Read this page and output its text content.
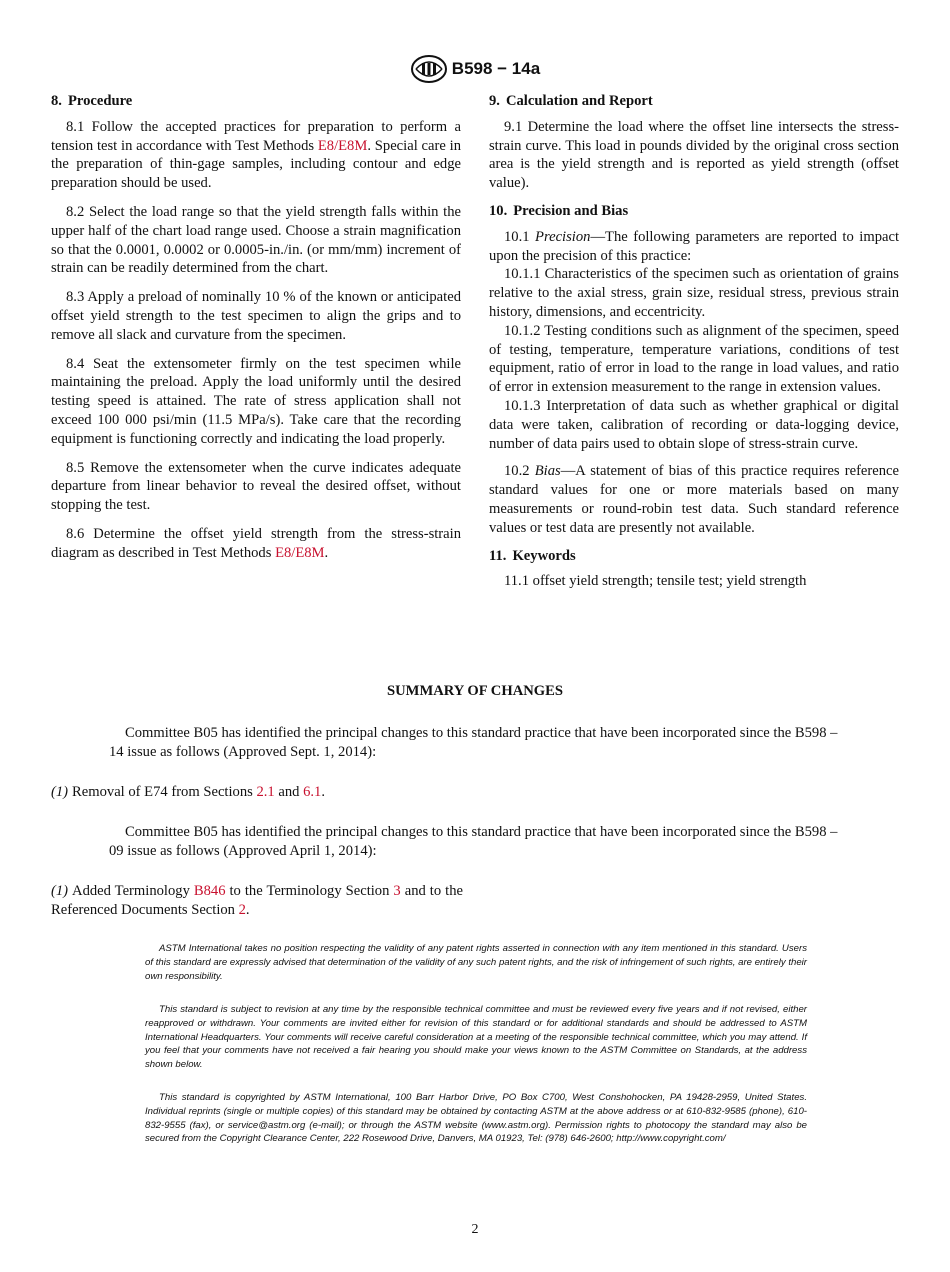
B598 − 14a
8. Procedure

8.1 Follow the accepted practices for preparation to perform a tension test in accordance with Test Methods E8/E8M. Special care in the preparation of thin-gage samples, including contour and edge preparation should be used.

8.2 Select the load range so that the yield strength falls within the upper half of the chart load range used. Choose a strain magnification so that the 0.0001, 0.0002 or 0.0005-in./in. (or mm/mm) increment of strain can be readily determined from the chart.

8.3 Apply a preload of nominally 10 % of the known or anticipated offset yield strength to the test specimen to align the grips and to remove all slack and curvature from the specimen.

8.4 Seat the extensometer firmly on the test specimen while maintaining the preload. Apply the load uniformly until the desired testing speed is attained. The rate of stress application shall not exceed 100 000 psi/min (11.5 MPa/s). Take care that the recording equipment is functioning correctly and indicating the load properly.

8.5 Remove the extensometer when the curve indicates adequate departure from linear behavior to reveal the desired offset, without stopping the test.

8.6 Determine the offset yield strength from the stress-strain diagram as described in Test Methods E8/E8M.

9. Calculation and Report

9.1 Determine the load where the offset line intersects the stress-strain curve. This load in pounds divided by the original cross section area is the yield strength and is reported as yield strength (offset value).

10. Precision and Bias

10.1 Precision—The following parameters are reported to impact upon the precision of this practice:

10.1.1 Characteristics of the specimen such as orientation of grains relative to the axial stress, grain size, residual stress, previous strain history, dimensions, and eccentricity.

10.1.2 Testing conditions such as alignment of the specimen, speed of testing, temperature, temperature variations, conditions of test equipment, ratio of error in load to the range in load values, and ratio of error in extension measurement to the range in extension values.

10.1.3 Interpretation of data such as whether graphical or digital data were taken, calibration of recording or data-logging device, number of data pairs used to obtain slope of stress-strain curve.

10.2 Bias—A statement of bias of this practice requires reference standard values for one or more materials based on many measurements or round-robin test data. Such standard reference values or test data are presently not available.

11. Keywords

11.1 offset yield strength; tensile test; yield strength

SUMMARY OF CHANGES
Committee B05 has identified the principal changes to this standard practice that have been incorporated since the B598 – 14 issue as follows (Approved Sept. 1, 2014):
(1) Removal of E74 from Sections 2.1 and 6.1.
Committee B05 has identified the principal changes to this standard practice that have been incorporated since the B598 – 09 issue as follows (Approved April 1, 2014):
(1) Added Terminology B846 to the Terminology Section 3 and to the Referenced Documents Section 2.

ASTM International takes no position respecting the validity of any patent rights asserted in connection with any item mentioned in this standard. Users of this standard are expressly advised that determination of the validity of any such patent rights, and the risk of infringement of such rights, are entirely their own responsibility.

This standard is subject to revision at any time by the responsible technical committee and must be reviewed every five years and if not revised, either reapproved or withdrawn. Your comments are invited either for revision of this standard or for additional standards and should be addressed to ASTM International Headquarters. Your comments will receive careful consideration at a meeting of the responsible technical committee, which you may attend. If you feel that your comments have not received a fair hearing you should make your views known to the ASTM Committee on Standards, at the address shown below.

This standard is copyrighted by ASTM International, 100 Barr Harbor Drive, PO Box C700, West Conshohocken, PA 19428-2959, United States. Individual reprints (single or multiple copies) of this standard may be obtained by contacting ASTM at the above address or at 610-832-9585 (phone), 610-832-9555 (fax), or service@astm.org (e-mail); or through the ASTM website (www.astm.org). Permission rights to photocopy the standard may also be secured from the Copyright Clearance Center, 222 Rosewood Drive, Danvers, MA 01923, Tel: (978) 646-2600; http://www.copyright.com/

2
